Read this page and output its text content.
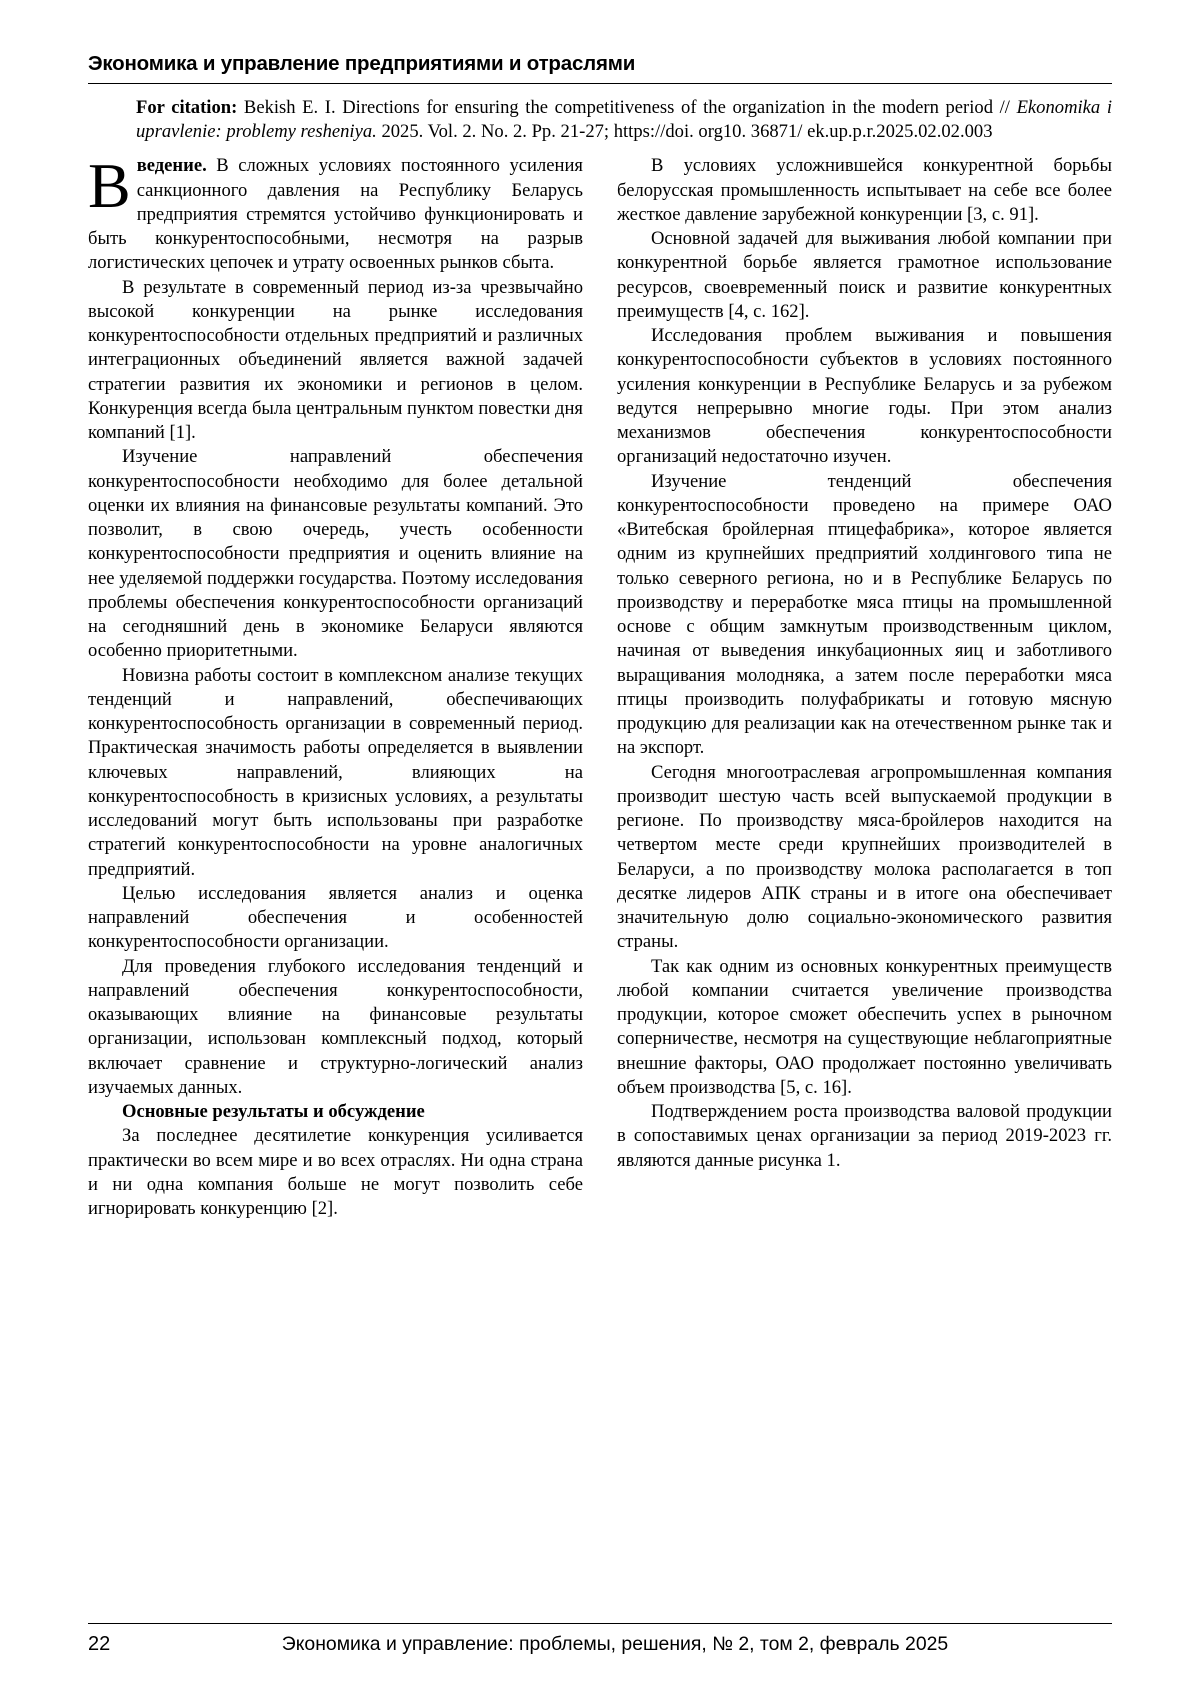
Экономика и управление предприятиями и отраслями

For citation: Bekish E. I. Directions for ensuring the competitiveness of the organization in the modern period // Ekonomika i upravlenie: problemy resheniya. 2025. Vol. 2. No. 2. Pp. 21-27; https://doi. org10. 36871/ ek.up.p.r.2025.02.02.003

Введение. В сложных условиях постоянного усиления санкционного давления на Республику Беларусь предприятия стремятся устойчиво функционировать и быть конкурентоспособными, несмотря на разрыв логистических цепочек и утрату освоенных рынков сбыта.

В результате в современный период из-за чрезвычайно высокой конкуренции на рынке исследования конкурентоспособности отдельных предприятий и различных интеграционных объединений является важной задачей стратегии развития их экономики и регионов в целом. Конкуренция всегда была центральным пунктом повестки дня компаний [1].

Изучение направлений обеспечения конкурентоспособности необходимо для более детальной оценки их влияния на финансовые результаты компаний. Это позволит, в свою очередь, учесть особенности конкурентоспособности предприятия и оценить влияние на нее уделяемой поддержки государства. Поэтому исследования проблемы обеспечения конкурентоспособности организаций на сегодняшний день в экономике Беларуси являются особенно приоритетными.

Новизна работы состоит в комплексном анализе текущих тенденций и направлений, обеспечивающих конкурентоспособность организации в современный период. Практическая значимость работы определяется в выявлении ключевых направлений, влияющих на конкурентоспособность в кризисных условиях, а результаты исследований могут быть использованы при разработке стратегий конкурентоспособности на уровне аналогичных предприятий.

Целью исследования является анализ и оценка направлений обеспечения и особенностей конкурентоспособности организации.

Для проведения глубокого исследования тенденций и направлений обеспечения конкурентоспособности, оказывающих влияние на финансовые результаты организации, использован комплексный подход, который включает сравнение и структурно-логический анализ изучаемых данных.

Основные результаты и обсуждение

За последнее десятилетие конкуренция усиливается практически во всем мире и во всех отраслях. Ни одна страна и ни одна компания больше не могут позволить себе игнорировать конкуренцию [2].

В условиях усложнившейся конкурентной борьбы белорусская промышленность испытывает на себе все более жесткое давление зарубежной конкуренции [3, с. 91].

Основной задачей для выживания любой компании при конкурентной борьбе является грамотное использование ресурсов, своевременный поиск и развитие конкурентных преимуществ [4, с. 162].

Исследования проблем выживания и повышения конкурентоспособности субъектов в условиях постоянного усиления конкуренции в Республике Беларусь и за рубежом ведутся непрерывно многие годы. При этом анализ механизмов обеспечения конкурентоспособности организаций недостаточно изучен.

Изучение тенденций обеспечения конкурентоспособности проведено на примере ОАО «Витебская бройлерная птицефабрика», которое является одним из крупнейших предприятий холдингового типа не только северного региона, но и в Республике Беларусь по производству и переработке мяса птицы на промышленной основе с общим замкнутым производственным циклом, начиная от выведения инкубационных яиц и заботливого выращивания молодняка, а затем после переработки мяса птицы производить полуфабрикаты и готовую мясную продукцию для реализации как на отечественном рынке так и на экспорт.

Сегодня многоотраслевая агропромышленная компания производит шестую часть всей выпускаемой продукции в регионе. По производству мяса-бройлеров находится на четвертом месте среди крупнейших производителей в Беларуси, а по производству молока располагается в топ десятке лидеров АПК страны и в итоге она обеспечивает значительную долю социально-экономического развития страны.

Так как одним из основных конкурентных преимуществ любой компании считается увеличение производства продукции, которое сможет обеспечить успех в рыночном соперничестве, несмотря на существующие неблагоприятные внешние факторы, ОАО продолжает постоянно увеличивать объем производства [5, с. 16].

Подтверждением роста производства валовой продукции в сопоставимых ценах организации за период 2019-2023 гг. являются данные рисунка 1.

22	Экономика и управление: проблемы, решения, № 2, том 2, февраль 2025
